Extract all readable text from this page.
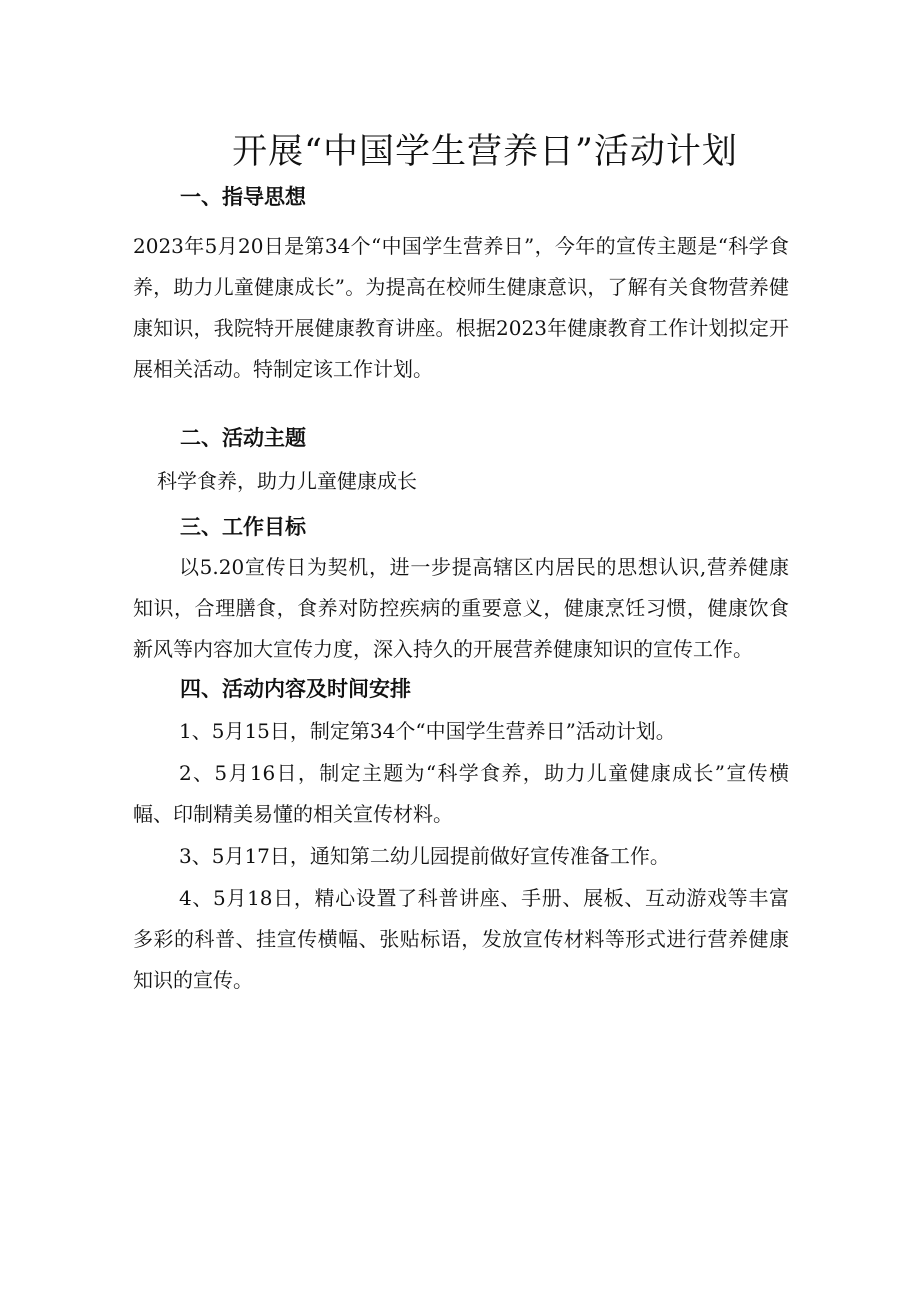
开展“中国学生营养日”活动计划
一、指导思想
2023年5月20日是第34个“中国学生营养日”，今年的宣传主题是“科学食养，助力儿童健康成长”。为提高在校师生健康意识，了解有关食物营养健康知识，我院特开展健康教育讲座。根据2023年健康教育工作计划拟定开展相关活动。特制定该工作计划。
二、活动主题
科学食养，助力儿童健康成长
三、工作目标
以5.20宣传日为契机，进一步提高辖区内居民的思想认识,营养健康知识，合理膳食，食养对防控疾病的重要意义，健康烹饪习惯，健康饮食新风等内容加大宣传力度，深入持久的开展营养健康知识的宣传工作。
四、活动内容及时间安排
1、5月15日，制定第34个“中国学生营养日”活动计划。
2、5月16日，制定主题为“科学食养，助力儿童健康成长”宣传横幅、印制精美易懂的相关宣传材料。
3、5月17日，通知第二幼儿园提前做好宣传准备工作。
4、5月18日，精心设置了科普讲座、手册、展板、互动游戏等丰富多彩的科普、挂宣传横幅、张贴标语，发放宣传材料等形式进行营养健康知识的宣传。
